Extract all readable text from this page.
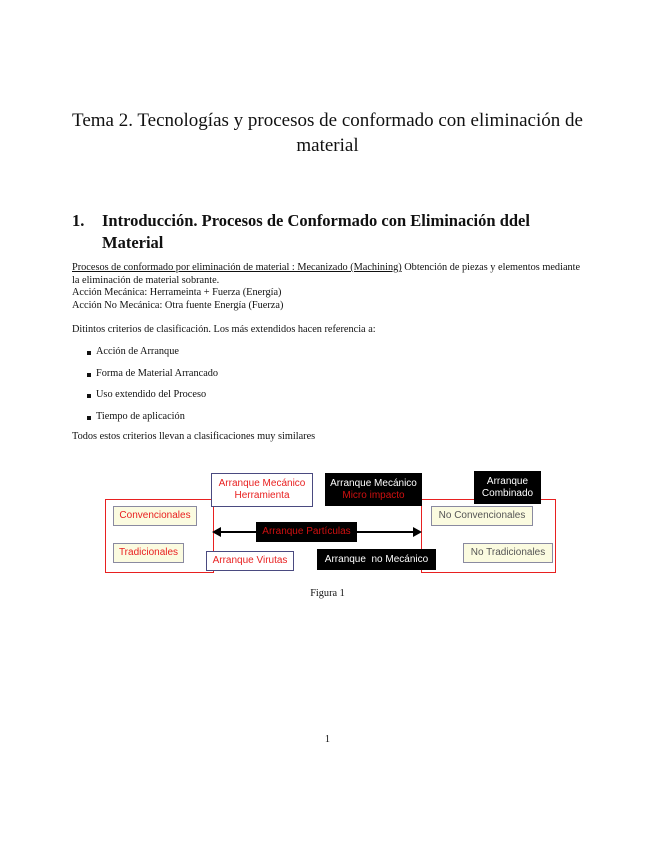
Tema 2. Tecnologías y procesos de conformado con eliminación de material
1.	Introducción. Procesos de Conformado con Eliminación ddel Material
Procesos de conformado por eliminación de material : Mecanizado (Machining) Obtención de piezas y elementos mediante la eliminación de material sobrante.
Acción Mecánica: Herrameinta + Fuerza (Energía)
Acción No Mecánica: Otra fuente Energía (Fuerza)
Ditintos criterios de clasificación. Los más extendidos hacen referencia a:
Acción de Arranque
Forma de Material Arrancado
Uso extendido del Proceso
Tiempo de aplicación
Todos estos criterios llevan a clasificaciones muy similares
Arranque Mecánico
Herramienta
Arranque Mecánico
Micro impacto
Arranque
Combinado
Convencionales
Tradicionales
No Convencionales
No Tradicionales
Arranque Partículas
Arranque Virutas	Arranque  no Mecánico
Figura 1
1
